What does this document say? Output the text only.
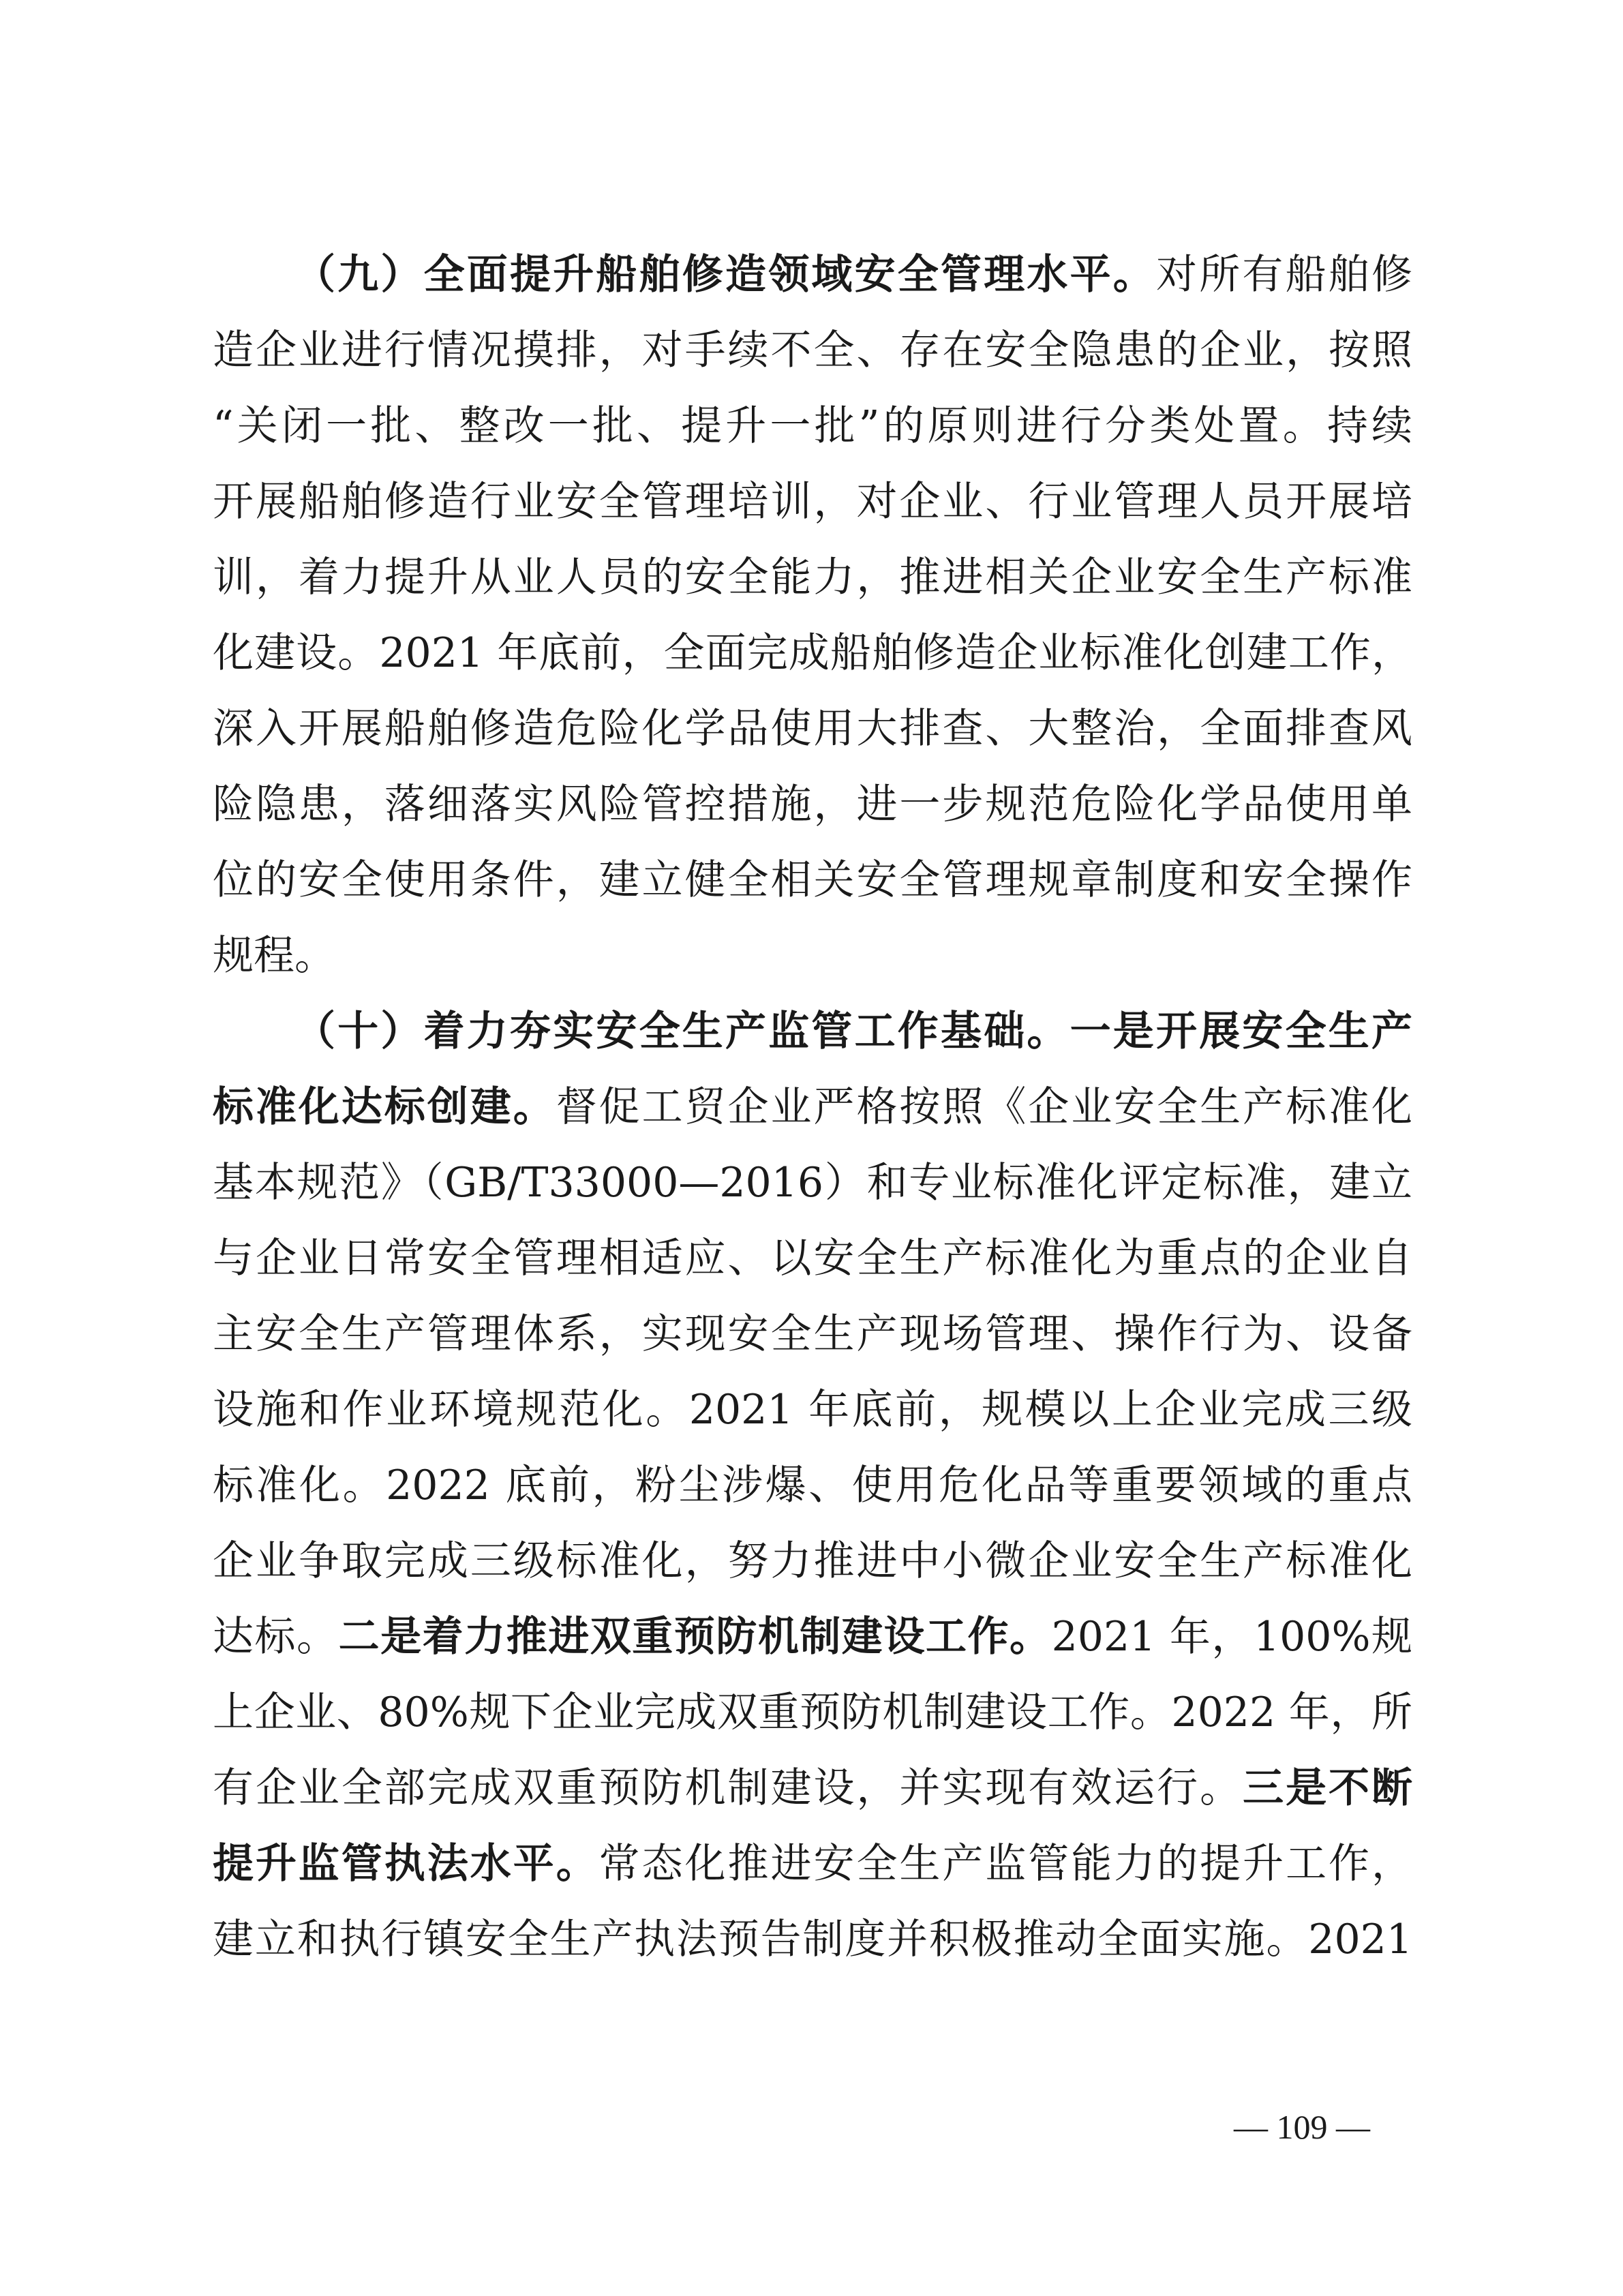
（九）全面提升船舶修造领域安全管理水平。对所有船舶修
造企业进行情况摸排，对手续不全、存在安全隐患的企业，按照
“关闭一批、整改一批、提升一批”的原则进行分类处置。持续
开展船舶修造行业安全管理培训，对企业、行业管理人员开展培
训，着力提升从业人员的安全能力，推进相关企业安全生产标准
化建设。2021 年底前，全面完成船舶修造企业标准化创建工作，
深入开展船舶修造危险化学品使用大排查、大整治，全面排查风
险隐患，落细落实风险管控措施，进一步规范危险化学品使用单
位的安全使用条件，建立健全相关安全管理规章制度和安全操作
规程。
（十）着力夯实安全生产监管工作基础。一是开展安全生产
标准化达标创建。督促工贸企业严格按照《企业安全生产标准化
基本规范》（GB/T33000—2016）和专业标准化评定标准，建立
与企业日常安全管理相适应、以安全生产标准化为重点的企业自
主安全生产管理体系，实现安全生产现场管理、操作行为、设备
设施和作业环境规范化。2021 年底前，规模以上企业完成三级
标准化。2022 底前，粉尘涉爆、使用危化品等重要领域的重点
企业争取完成三级标准化，努力推进中小微企业安全生产标准化
达标。二是着力推进双重预防机制建设工作。2021 年，100%规
上企业、80%规下企业完成双重预防机制建设工作。2022 年，所
有企业全部完成双重预防机制建设，并实现有效运行。三是不断
提升监管执法水平。常态化推进安全生产监管能力的提升工作，
建立和执行镇安全生产执法预告制度并积极推动全面实施。2021
— 109 —
